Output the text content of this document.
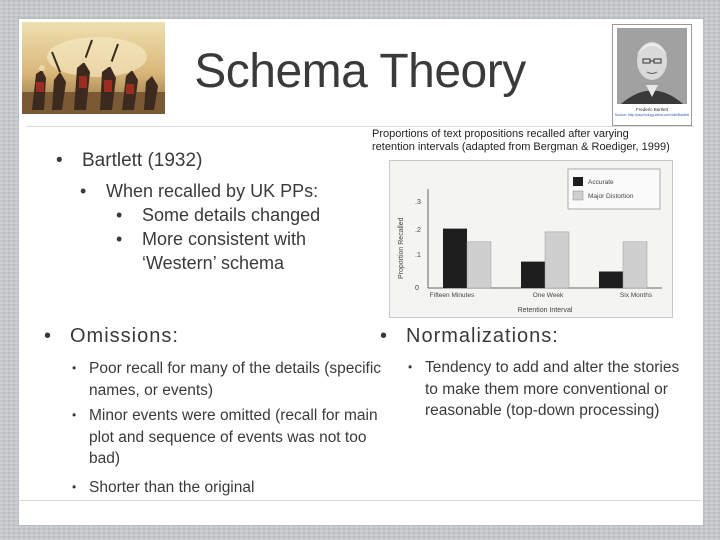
Frederic Bartlett
Source: http://psychology.wikia.com/wiki/Bartlett
Schema Theory
•	Bartlett (1932)
•	When recalled by UK PPs:
•	Some details changed
•	More consistent with ‘Western’ schema
Proportions of text propositions recalled after varying retention intervals (adapted from Bergman & Roediger, 1999)
Proportion Recalled
Retention Interval
0
.1
.2
.3
Fifteen Minutes	One Week	Six Months
Accurate
Major Distortion
• Omissions:
• Poor recall for many of the details (specific names, or events)
• Minor events were omitted (recall for main plot and sequence of events was not too bad)
• Shorter than the original
• Normalizations:
• Tendency to add and alter the stories to make them more conventional or reasonable (top-down processing)
